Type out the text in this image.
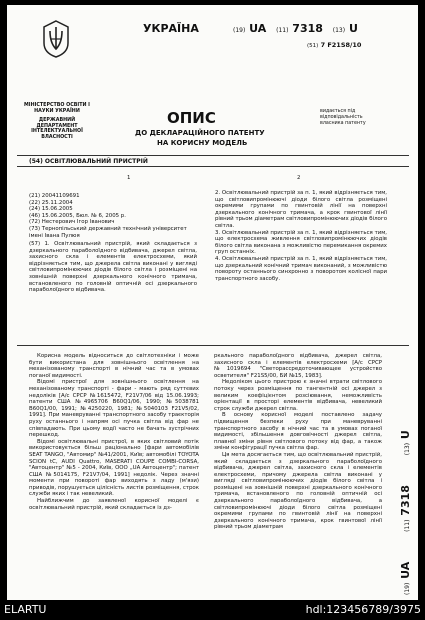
МІНІСТЕРСТВО ОСВІТИ І НАУКИ УКРАЇНИ
ДЕРЖАВНИЙ ДЕПАРТАМЕНТ ІНТЕЛЕКТУАЛЬНОЇ ВЛАСНОСТІ
УКРАЇНА	(19) UA (11) 7318 (13) U
(51) 7 F21S8/10
ОПИС
ДО ДЕКЛАРАЦІЙНОГО ПАТЕНТУ
НА КОРИСНУ МОДЕЛЬ
видається під відповідальність власника патенту
(54) ОСВІТЛЮВАЛЬНИЙ ПРИСТРІЙ
1	2
(21) 20041109691
(22) 25.11.2004
(24) 15.06.2005
(46) 15.06.2005, Бюл. № 6, 2005 р.
(72) Нестерович Ігор Іванович
(73) Тернопільський державний технічний університет імені Івана Пулюя
(57) 1. Освітлювальний пристрій, який складається з дзеркального параболоїдного відбивача, джерел світла, захисного скла і елементів електросхеми, який відрізняється тим, що джерела світла виконані у вигляді світловипромінюючих діодів білого світла і розміщені на зовнішній поверхні дзеркального конічного тримача, встановленого по головній оптичній осі дзеркального параболоїдного відбивача.

2. Освітлювальний пристрій за п. 1, який відрізняється тим, що світловипромінюючі діоди білого світла розміщені окремими групами по гвинтовій лінії на поверхні дзеркального конічного тримача, а крок гвинтової лінії рівний трьом діаметрам світловипромінюючих діодів білого світла.

3. Освітлювальний пристрій за п. 1, який відрізняється тим, що електросхема живлення світловипромінюючих діодів білого світла виконана з можливістю перемикання окремих груп останніх.

4. Освітлювальний пристрій за п. 1, який відрізняється тим, що дзеркальний конічний тримач виконаний, з можливістю повороту останнього синхронно з поворотом колісної пари транспортного засобу.

Корисна модель відноситься до світлотехніки і може бути використана для зовнішнього освітлення на механізованому транспорті в нічний час та в умовах поганої видимості.

Відомі пристрої для зовнішнього освітлення на механізованому транспорті - фари - мають ряд суттєвих недоліків [А/с СРСР №1615472, F21V7/06 від 15.06.1993; патенти США №4965706 В60Q1/06, 1990; №5038781 B60Q1/00, 1991; №4250220, 1981; №5040103 F21V5/02, 1991]. При маневруванні транспортного засобу траєкторія руху останнього і напрям осі пучка світла від фар не співпадають. При цьому водії часто не бачать зустрічних перешкод.

Відомі освітлювальні пристрої, в яких світловий потік використовується більш раціонально [фари автомобілів SEAT TANGO, "Автомир" №41/2001, Київ; автомобілі TOYOTA SCION tC, AUDI Quattro, MASERATI COUPE COMBI-CORSA, "Автоцентр" №5 - 2004, Київ, ООО „UA Автоцентр"; патент США №5014175, F21V7/04, 1991] недолік. Через значні моменти при повороті фар виходять з ладу (м'язи) приводів, порушується цілісність листів розміщення, строк служби яких і так невеликий.

Найближчим до заявленої корисної моделі є освітлювальний пристрій, який складається із дз-

ркального параболоїдного відбивача, джерел світла, захисного скла і елементів електросхеми [А/с СРСР №1019694 "Светорассредоточивающее устройство осветителя" F21S5/00, БИ №15, 1983].

Недоліком цього пристрою є значні втрати світлового потоку через розміщення по тангентній осі джерел з великим коефіцієнтом розсіювання, неможливість орієнтації в просторі елементів відбивача, невеликий строк служби джерел світла.

В основу корисної моделі поставлено задачу підвищення безпеки руху при маневруванні транспортного засобу в нічний час та в умовах поганої видимості, збільшення довговічності джерел світла, плавної зміни рівня світлового потоку від фар, а також зміни конфігурації пучка світла фар.

Ця мета досягається тим, що освітлювальний пристрій, який складається з дзеркального параболоїдного відбивача, джерел світла, захисного скла і елементів електросхеми, причому джерела світла виконані у вигляді світловипромінюючих діодів білого світла і розміщені на зовнішній поверхні дзеркального конічного тримача, встановленого по головній оптичній осі дзеркального параболоїдного відбивача, а світловипромінюючі діоди білого світла розміщені окремими групами по гвинтовій лінії на поверхні дзеркального конічного тримача, крок гвинтової лінії рівний трьом діаметрам

(19) UA (11) 7318 (13) U
ELARTU	hdl:123456789/3975
